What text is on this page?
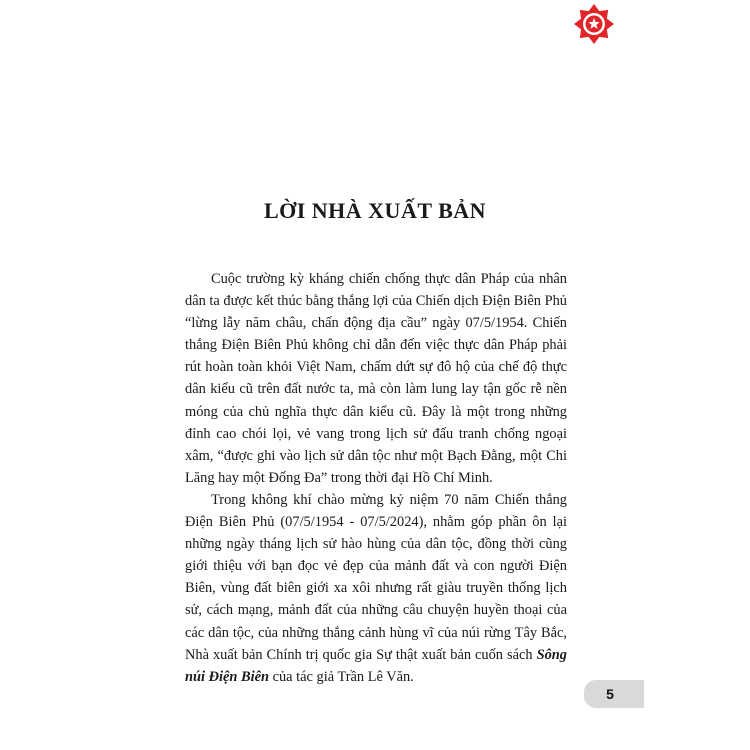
LỜI NHÀ XUẤT BẢN

Cuộc trường kỳ kháng chiến chống thực dân Pháp của nhân dân ta được kết thúc bằng thắng lợi của Chiến dịch Điện Biên Phủ “lừng lẫy năm châu, chấn động địa cầu” ngày 07/5/1954. Chiến thắng Điện Biên Phủ không chỉ dẫn đến việc thực dân Pháp phải rút hoàn toàn khỏi Việt Nam, chấm dứt sự đô hộ của chế độ thực dân kiểu cũ trên đất nước ta, mà còn làm lung lay tận gốc rễ nền móng của chủ nghĩa thực dân kiểu cũ. Đây là một trong những đỉnh cao chói lọi, vẻ vang trong lịch sử đấu tranh chống ngoại xâm, “được ghi vào lịch sử dân tộc như một Bạch Đằng, một Chi Lăng hay một Đống Đa” trong thời đại Hồ Chí Minh.

Trong không khí chào mừng kỷ niệm 70 năm Chiến thắng Điện Biên Phủ (07/5/1954 - 07/5/2024), nhằm góp phần ôn lại những ngày tháng lịch sử hào hùng của dân tộc, đồng thời cũng giới thiệu với bạn đọc vẻ đẹp của mảnh đất và con người Điện Biên, vùng đất biên giới xa xôi nhưng rất giàu truyền thống lịch sử, cách mạng, mảnh đất của những câu chuyện huyền thoại của các dân tộc, của những thắng cảnh hùng vĩ của núi rừng Tây Bắc, Nhà xuất bản Chính trị quốc gia Sự thật xuất bản cuốn sách Sông núi Điện Biên của tác giả Trần Lê Văn.

5
